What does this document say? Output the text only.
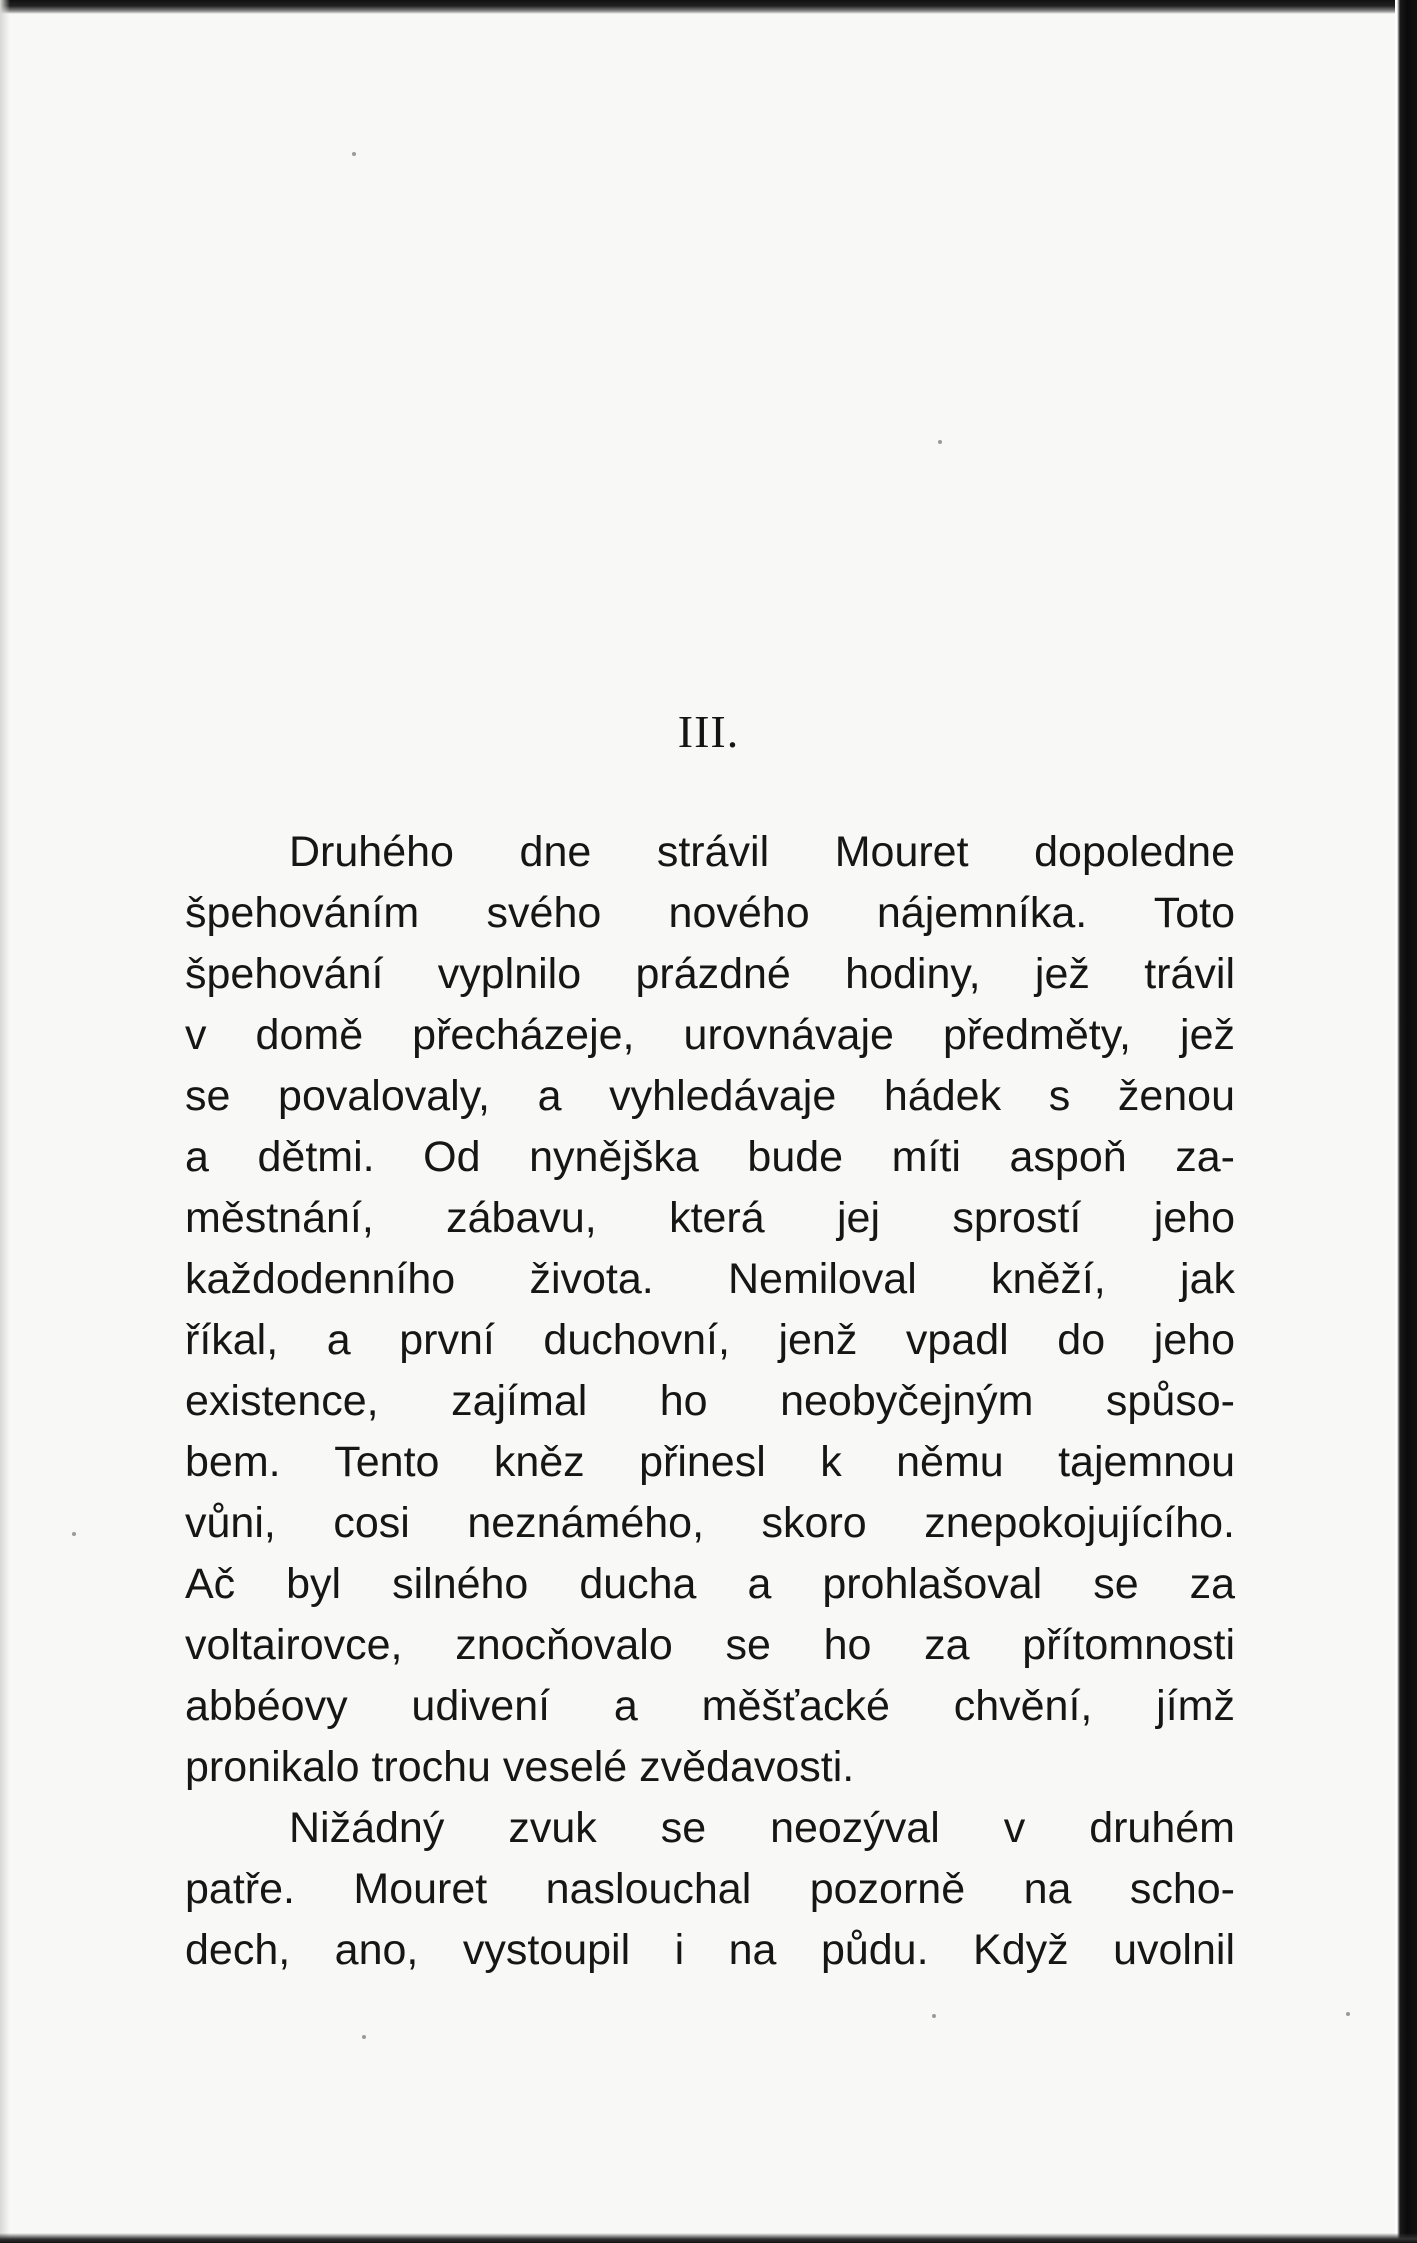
III.
Druhého dne strávil Mouret dopoledne
špehováním svého nového nájemníka. Toto
špehování vyplnilo prázdné hodiny, jež trávil
v domě přecházeje, urovnávaje předměty, jež
se povalovaly, a vyhledávaje hádek s ženou
a dětmi. Od nynějška bude míti aspoň za-
městnání, zábavu, která jej sprostí jeho
každodenního života. Nemiloval kněží, jak
říkal, a první duchovní, jenž vpadl do jeho
existence, zajímal ho neobyčejným spůso-
bem. Tento kněz přinesl k němu tajemnou
vůni, cosi neznámého, skoro znepokojujícího.
Ač byl silného ducha a prohlašoval se za
voltairovce, znocňovalo se ho za přítomnosti
abbéovy udivení a měšťacké chvění, jímž
pronikalo trochu veselé zvědavosti.
Nižádný zvuk se neozýval v druhém
patře. Mouret naslouchal pozorně na scho-
dech, ano, vystoupil i na půdu. Když uvolnil
